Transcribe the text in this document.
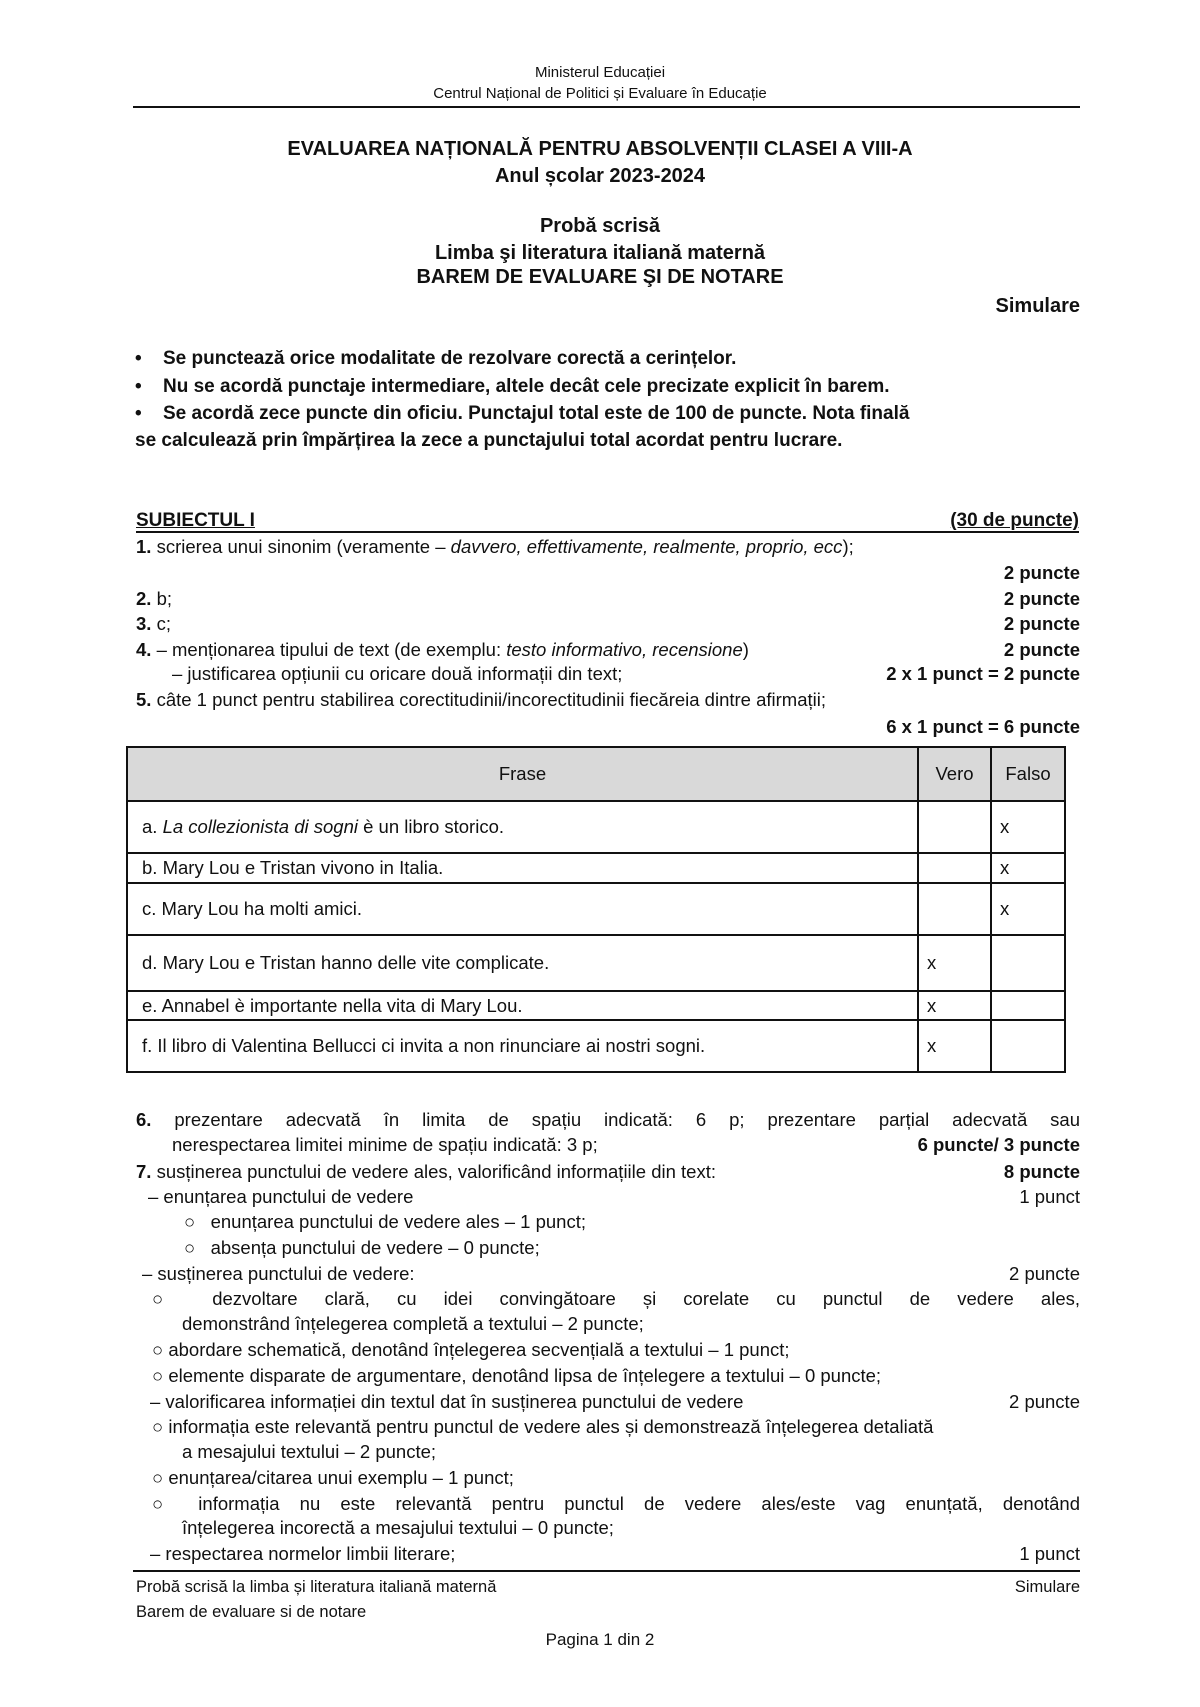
Ministerul Educației
Centrul Național de Politici și Evaluare în Educație
EVALUAREA NAȚIONALĂ PENTRU ABSOLVENȚII CLASEI A VIII-A
Anul școlar 2023-2024
Probă scrisă
Limba şi literatura italiană maternă
BAREM DE EVALUARE ŞI DE NOTARE
Simulare
• Se punctează orice modalitate de rezolvare corectă a cerințelor.
• Nu se acordă punctaje intermediare, altele decât cele precizate explicit în barem.
• Se acordă zece puncte din oficiu. Punctajul total este de 100 de puncte. Nota finală
se calculează prin împărțirea la zece a punctajului total acordat pentru lucrare.
SUBIECTUL I	(30 de puncte)
1. scrierea unui sinonim (veramente – davvero, effettivamente, realmente, proprio, ecc);
2 puncte
2. b;	2 puncte
3. c;	2 puncte
4. – menționarea tipului de text (de exemplu: testo informativo, recensione)	2 puncte
– justificarea opțiunii cu oricare două informații din text;	2 x 1 punct = 2 puncte
5. câte 1 punct pentru stabilirea corectitudinii/incorectitudinii fiecăreia dintre afirmații;
6 x 1 punct = 6 puncte
Frase	Vero	Falso
a. La collezionista di sogni è un libro storico.		x
b. Mary Lou e Tristan vivono in Italia.		x
c. Mary Lou ha molti amici.		x
d. Mary Lou e Tristan hanno delle vite complicate.	x	
e. Annabel è importante nella vita di Mary Lou.	x	
f. Il libro di Valentina Bellucci ci invita a non rinunciare ai nostri sogni.	x	
6. prezentare adecvată în limita de spațiu indicată: 6 p; prezentare parțial adecvată sau
nerespectarea limitei minime de spațiu indicată: 3 p;	6 puncte/ 3 puncte
7. susținerea punctului de vedere ales, valorificând informațiile din text:	8 puncte
– enunțarea punctului de vedere	1 punct
○   enunțarea punctului de vedere ales – 1 punct;
○   absența punctului de vedere – 0 puncte;
– susținerea punctului de vedere:	2 puncte
○ dezvoltare clară, cu idei convingătoare și corelate cu punctul de vedere ales,
demonstrând înțelegerea completă a textului – 2 puncte;
○ abordare schematică, denotând înțelegerea secvențială a textului – 1 punct;
○ elemente disparate de argumentare, denotând lipsa de înțelegere a textului – 0 puncte;
– valorificarea informației din textul dat în susținerea punctului de vedere	2 puncte
○ informația este relevantă pentru punctul de vedere ales și demonstrează înțelegerea detaliată
a mesajului textului – 2 puncte;
○ enunțarea/citarea unui exemplu – 1 punct;
○ informația nu este relevantă pentru punctul de vedere ales/este vag enunțată, denotând
înțelegerea incorectă a mesajului textului – 0 puncte;
– respectarea normelor limbii literare;	1 punct
Probă scrisă la limba și literatura italiană maternă	Simulare
Barem de evaluare si de notare
Pagina 1 din 2
